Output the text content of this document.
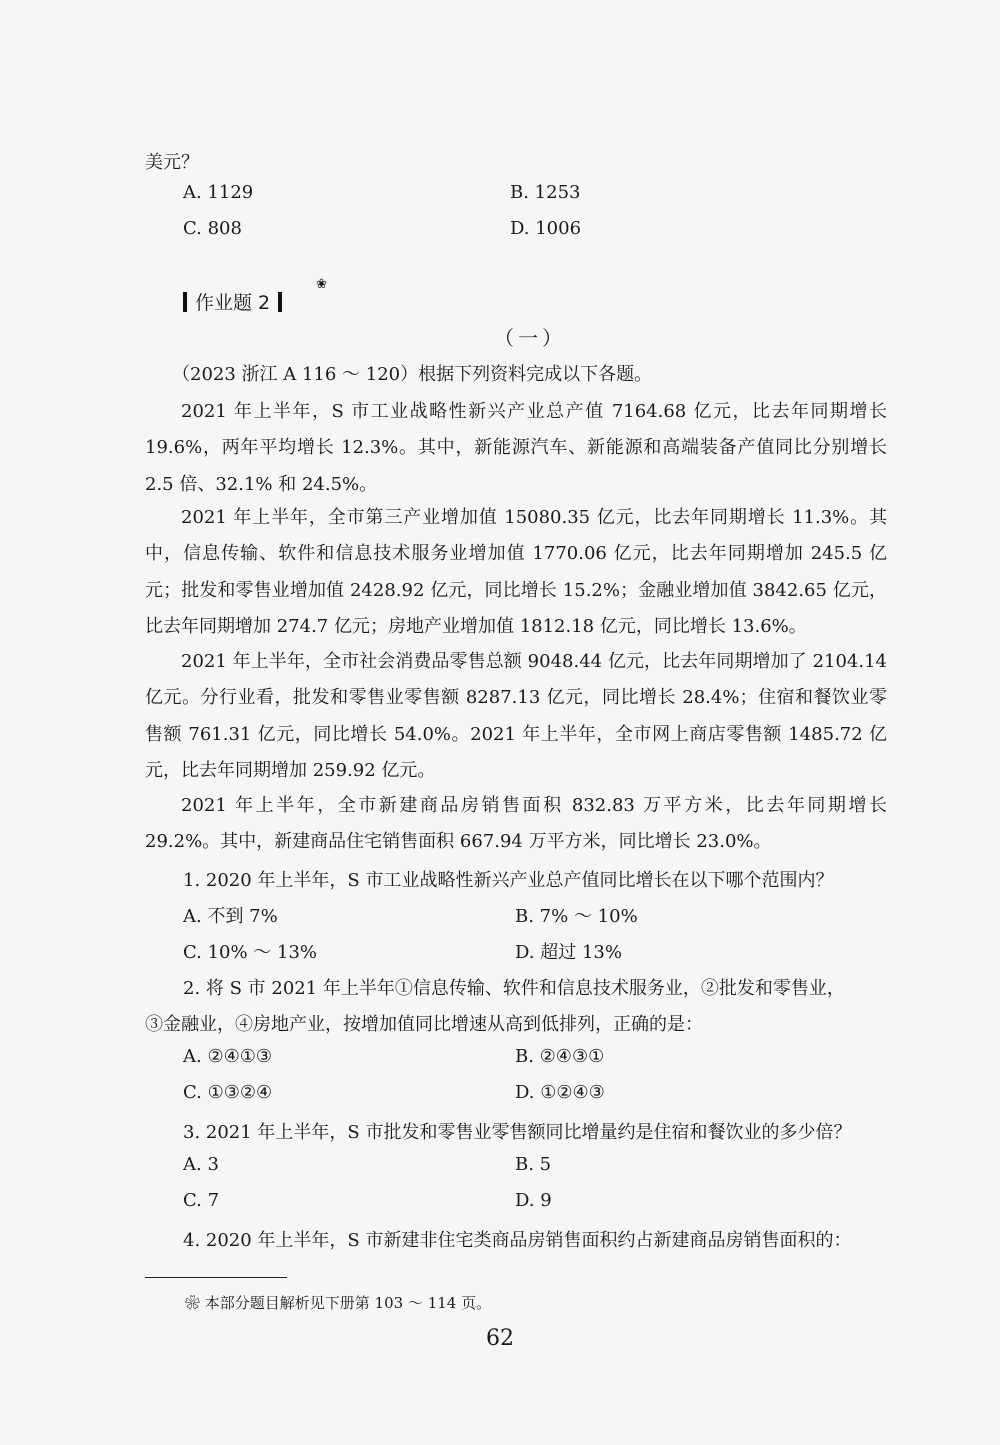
美元？
A. 1129	B. 1253
C. 808	D. 1006
作业题 2
❀
（一）
（2023 浙江 A 116 ～ 120）根据下列资料完成以下各题。
2021 年上半年，S 市工业战略性新兴产业总产值 7164.68 亿元，比去年同期增长 19.6%，两年平均增长 12.3%。其中，新能源汽车、新能源和高端装备产值同比分别增长 2.5 倍、32.1% 和 24.5%。
2021 年上半年，全市第三产业增加值 15080.35 亿元，比去年同期增长 11.3%。其中，信息传输、软件和信息技术服务业增加值 1770.06 亿元，比去年同期增加 245.5 亿元；批发和零售业增加值 2428.92 亿元，同比增长 15.2%；金融业增加值 3842.65 亿元，比去年同期增加 274.7 亿元；房地产业增加值 1812.18 亿元，同比增长 13.6%。
2021 年上半年，全市社会消费品零售总额 9048.44 亿元，比去年同期增加了 2104.14 亿元。分行业看，批发和零售业零售额 8287.13 亿元，同比增长 28.4%；住宿和餐饮业零售额 761.31 亿元，同比增长 54.0%。2021 年上半年，全市网上商店零售额 1485.72 亿元，比去年同期增加 259.92 亿元。
2021 年上半年，全市新建商品房销售面积 832.83 万平方米，比去年同期增长 29.2%。其中，新建商品住宅销售面积 667.94 万平方米，同比增长 23.0%。
1. 2020 年上半年，S 市工业战略性新兴产业总产值同比增长在以下哪个范围内？
A. 不到 7%	B. 7% ～ 10%
C. 10% ～ 13%	D. 超过 13%
2. 将 S 市 2021 年上半年①信息传输、软件和信息技术服务业，②批发和零售业，
③金融业，④房地产业，按增加值同比增速从高到低排列，正确的是：
A. ②④①③	B. ②④③①
C. ①③②④	D. ①②④③
3. 2021 年上半年，S 市批发和零售业零售额同比增量约是住宿和餐饮业的多少倍？
A. 3	B. 5
C. 7	D. 9
4. 2020 年上半年，S 市新建非住宅类商品房销售面积约占新建商品房销售面积的：
❀ 本部分题目解析见下册第 103 ～ 114 页。
62
